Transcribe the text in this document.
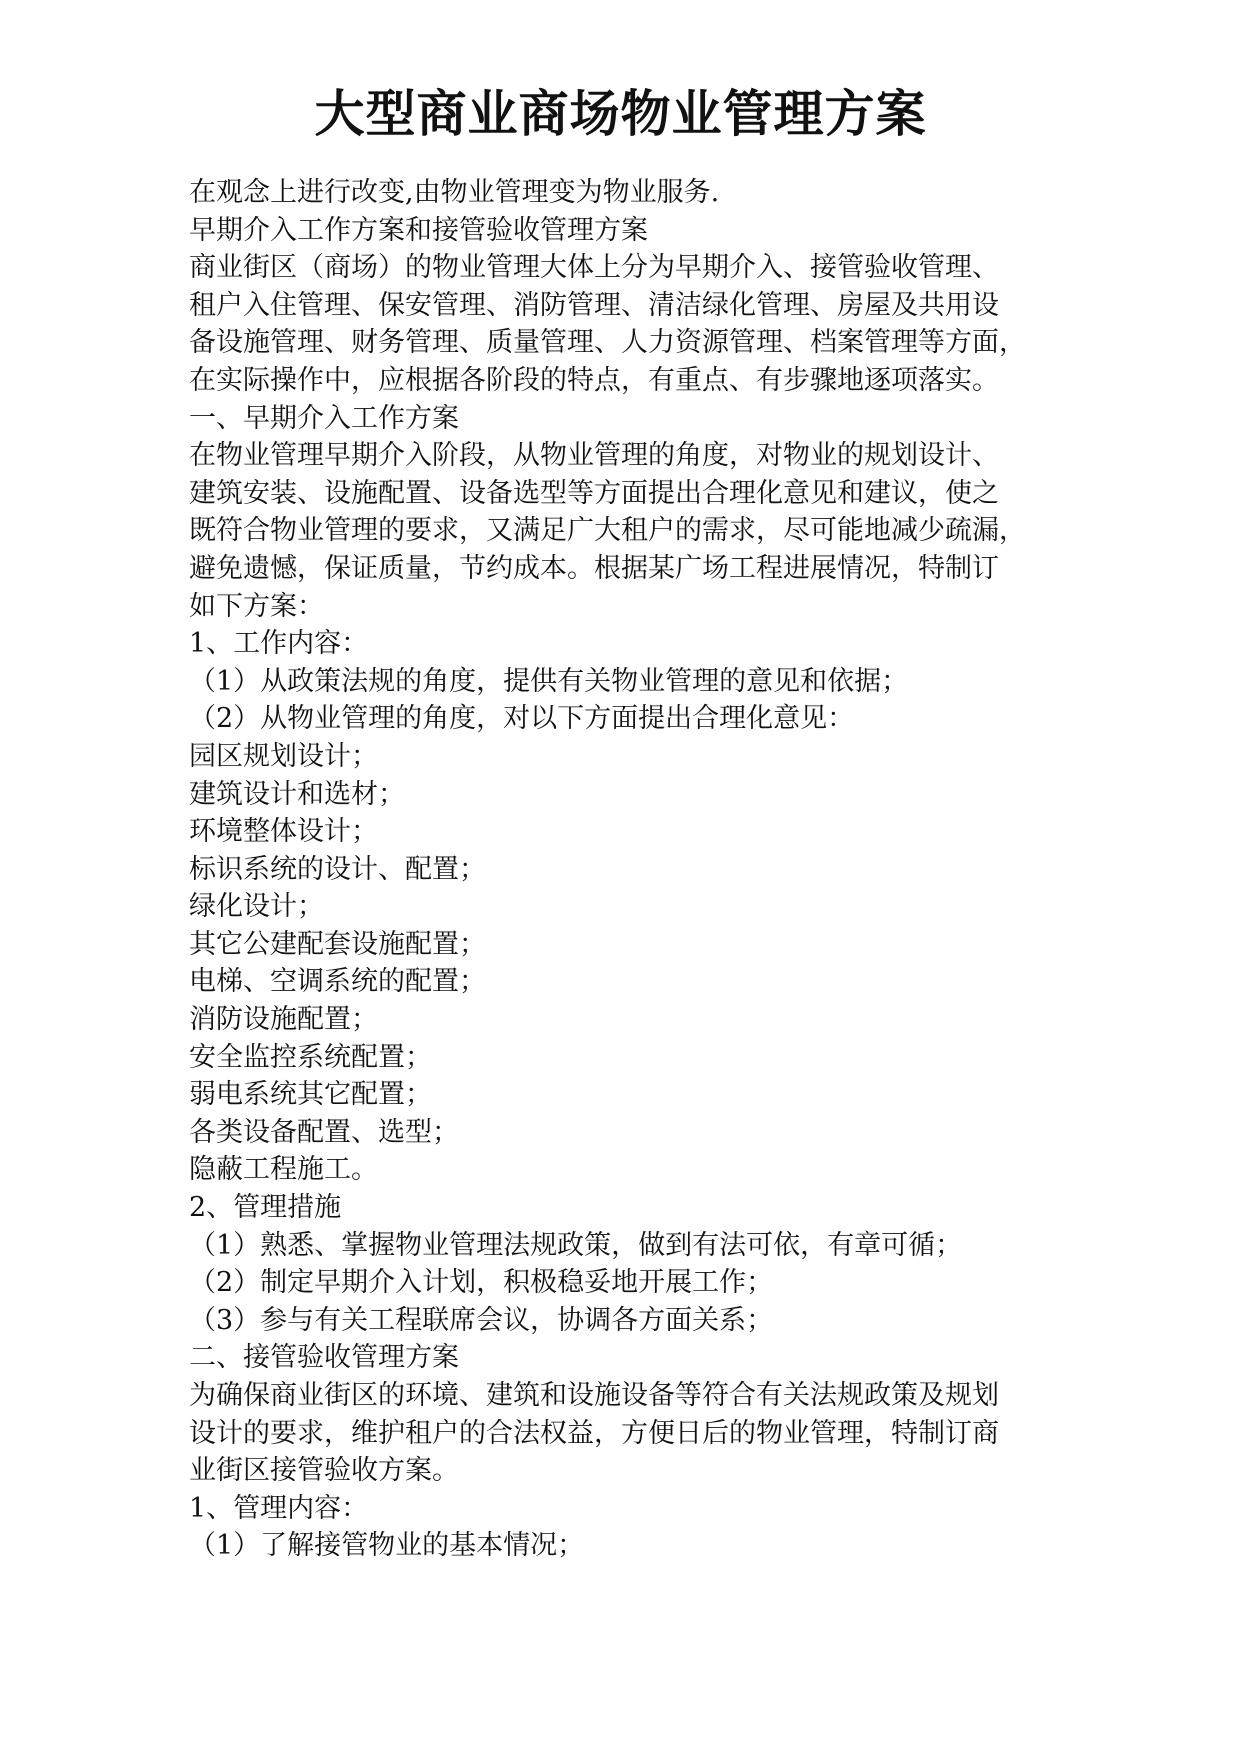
大型商业商场物业管理方案
在观念上进行改变,由物业管理变为物业服务.
早期介入工作方案和接管验收管理方案
商业街区（商场）的物业管理大体上分为早期介入、接管验收管理、
租户入住管理、保安管理、消防管理、清洁绿化管理、房屋及共用设
备设施管理、财务管理、质量管理、人力资源管理、档案管理等方面，
在实际操作中，应根据各阶段的特点，有重点、有步骤地逐项落实。
一、早期介入工作方案
在物业管理早期介入阶段，从物业管理的角度，对物业的规划设计、
建筑安装、设施配置、设备选型等方面提出合理化意见和建议，使之
既符合物业管理的要求，又满足广大租户的需求，尽可能地减少疏漏，
避免遗憾，保证质量，节约成本。根据某广场工程进展情况，特制订
如下方案：
1、工作内容：
（1）从政策法规的角度，提供有关物业管理的意见和依据；
（2）从物业管理的角度，对以下方面提出合理化意见：
园区规划设计；
建筑设计和选材；
环境整体设计；
标识系统的设计、配置；
绿化设计；
其它公建配套设施配置；
电梯、空调系统的配置；
消防设施配置；
安全监控系统配置；
弱电系统其它配置；
各类设备配置、选型；
隐蔽工程施工。
2、管理措施
（1）熟悉、掌握物业管理法规政策，做到有法可依，有章可循；
（2）制定早期介入计划，积极稳妥地开展工作；
（3）参与有关工程联席会议，协调各方面关系；
二、接管验收管理方案
为确保商业街区的环境、建筑和设施设备等符合有关法规政策及规划
设计的要求，维护租户的合法权益，方便日后的物业管理，特制订商
业街区接管验收方案。
1、管理内容：
（1）了解接管物业的基本情况；
